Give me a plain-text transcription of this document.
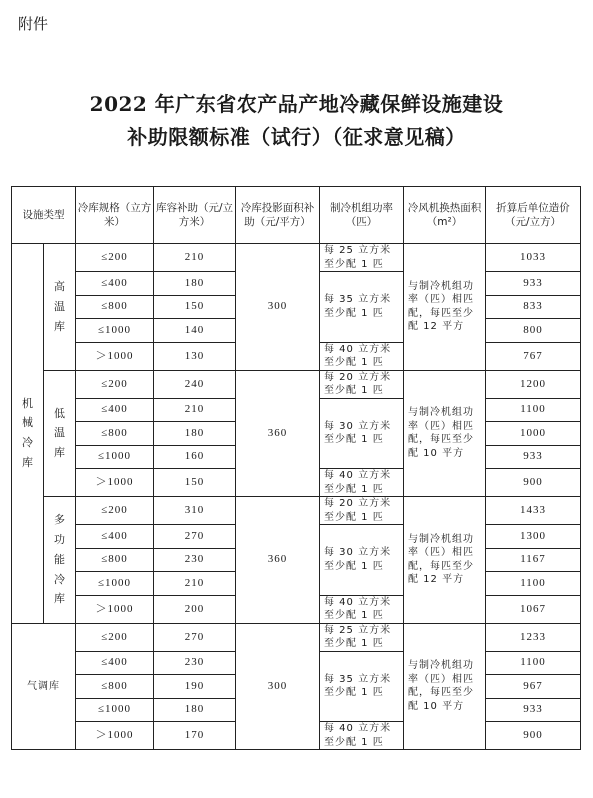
附件
2022 年广东省农产品产地冷藏保鲜设施建设
补助限额标准（试行）（征求意见稿）
设施类型		冷库规格（立方米）	库容补助（元/立方米）	冷库投影面积补助（元/平方）	制冷机组功率（匹）	冷风机换热面积（m²）	折算后单位造价（元/立方）
机械冷库	高温库	≤200	210	300	每 25 立方米至少配 1 匹	与制冷机组功率（匹）相匹配，每匹至少配 12 平方	1033
		≤400	180		每 35 立方米至少配 1 匹		933
		≤800	150				833
		≤1000	140				800
		＞1000	130		每 40 立方米至少配 1 匹		767
	低温库	≤200	240	360	每 20 立方米至少配 1 匹	与制冷机组功率（匹）相匹配，每匹至少配 10 平方	1200
		≤400	210		每 30 立方米至少配 1 匹		1100
		≤800	180				1000
		≤1000	160				933
		＞1000	150		每 40 立方米至少配 1 匹		900
	多功能冷库	≤200	310	360	每 20 立方米至少配 1 匹	与制冷机组功率（匹）相匹配，每匹至少配 12 平方	1433
		≤400	270		每 30 立方米至少配 1 匹		1300
		≤800	230				1167
		≤1000	210				1100
		＞1000	200		每 40 立方米至少配 1 匹		1067
气调库		≤200	270	300	每 25 立方米至少配 1 匹	与制冷机组功率（匹）相匹配，每匹至少配 10 平方	1233
		≤400	230		每 35 立方米至少配 1 匹		1100
		≤800	190				967
		≤1000	180				933
		＞1000	170		每 40 立方米至少配 1 匹		900
